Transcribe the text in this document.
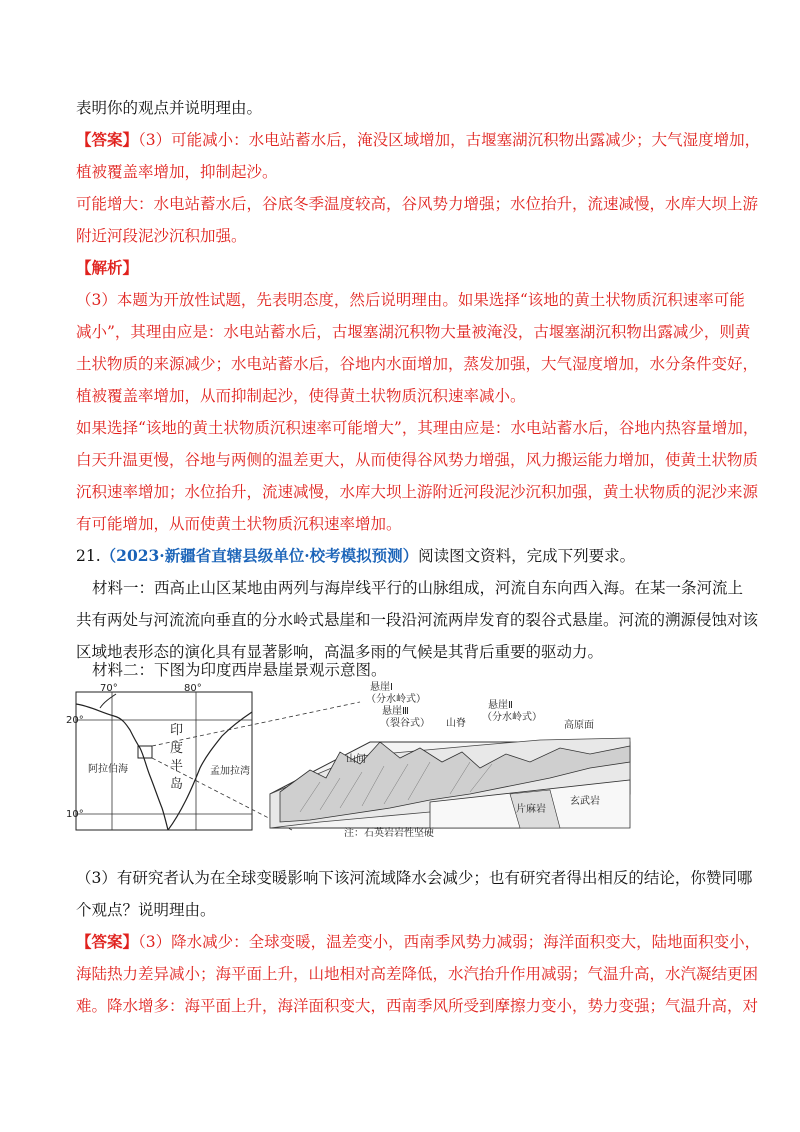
表明你的观点并说明理由。
【答案】（3）可能减小：水电站蓄水后，淹没区域增加，古堰塞湖沉积物出露减少；大气湿度增加，
植被覆盖率增加，抑制起沙。
可能增大：水电站蓄水后，谷底冬季温度较高，谷风势力增强；水位抬升，流速减慢，水库大坝上游
附近河段泥沙沉积加强。
【解析】
（3）本题为开放性试题，先表明态度，然后说明理由。如果选择“该地的黄土状物质沉积速率可能
减小”，其理由应是：水电站蓄水后，古堰塞湖沉积物大量被淹没，古堰塞湖沉积物出露减少，则黄
土状物质的来源减少；水电站蓄水后，谷地内水面增加，蒸发加强，大气湿度增加，水分条件变好，
植被覆盖率增加，从而抑制起沙，使得黄土状物质沉积速率减小。
如果选择“该地的黄土状物质沉积速率可能增大”，其理由应是：水电站蓄水后，谷地内热容量增加，
白天升温更慢，谷地与两侧的温差更大，从而使得谷风势力增强，风力搬运能力增加，使黄土状物质
沉积速率增加；水位抬升，流速减慢，水库大坝上游附近河段泥沙沉积加强，黄土状物质的泥沙来源
有可能增加，从而使黄土状物质沉积速率增加。
21.（2023·新疆省直辖县级单位·校考模拟预测）阅读图文资料，完成下列要求。
材料一：西高止山区某地由两列与海岸线平行的山脉组成，河流自东向西入海。在某一条河流上
共有两处与河流流向垂直的分水岭式悬崖和一段沿河流两岸发育的裂谷式悬崖。河流的溯源侵蚀对该
区域地表形态的演化具有显著影响，高温多雨的气候是其背后重要的驱动力。
材料二：下图为印度西岸悬崖景观示意图。
70°	80°
20°
10°
印
度
半
岛
阿拉伯海	孟加拉湾
悬崖Ⅰ
（分水岭式）
悬崖Ⅲ
（裂谷式）
悬崖Ⅱ
（分水岭式）
山脊	高原面
山间
片麻岩
玄武岩
注：石英岩岩性坚硬
（3）有研究者认为在全球变暖影响下该河流域降水会减少；也有研究者得出相反的结论，你赞同哪
个观点？说明理由。
【答案】（3）降水减少：全球变暖，温差变小，西南季风势力减弱；海洋面积变大，陆地面积变小，
海陆热力差异减小；海平面上升，山地相对高差降低，水汽抬升作用减弱；气温升高，水汽凝结更困
难。降水增多：海平面上升，海洋面积变大，西南季风所受到摩擦力变小，势力变强；气温升高，对
